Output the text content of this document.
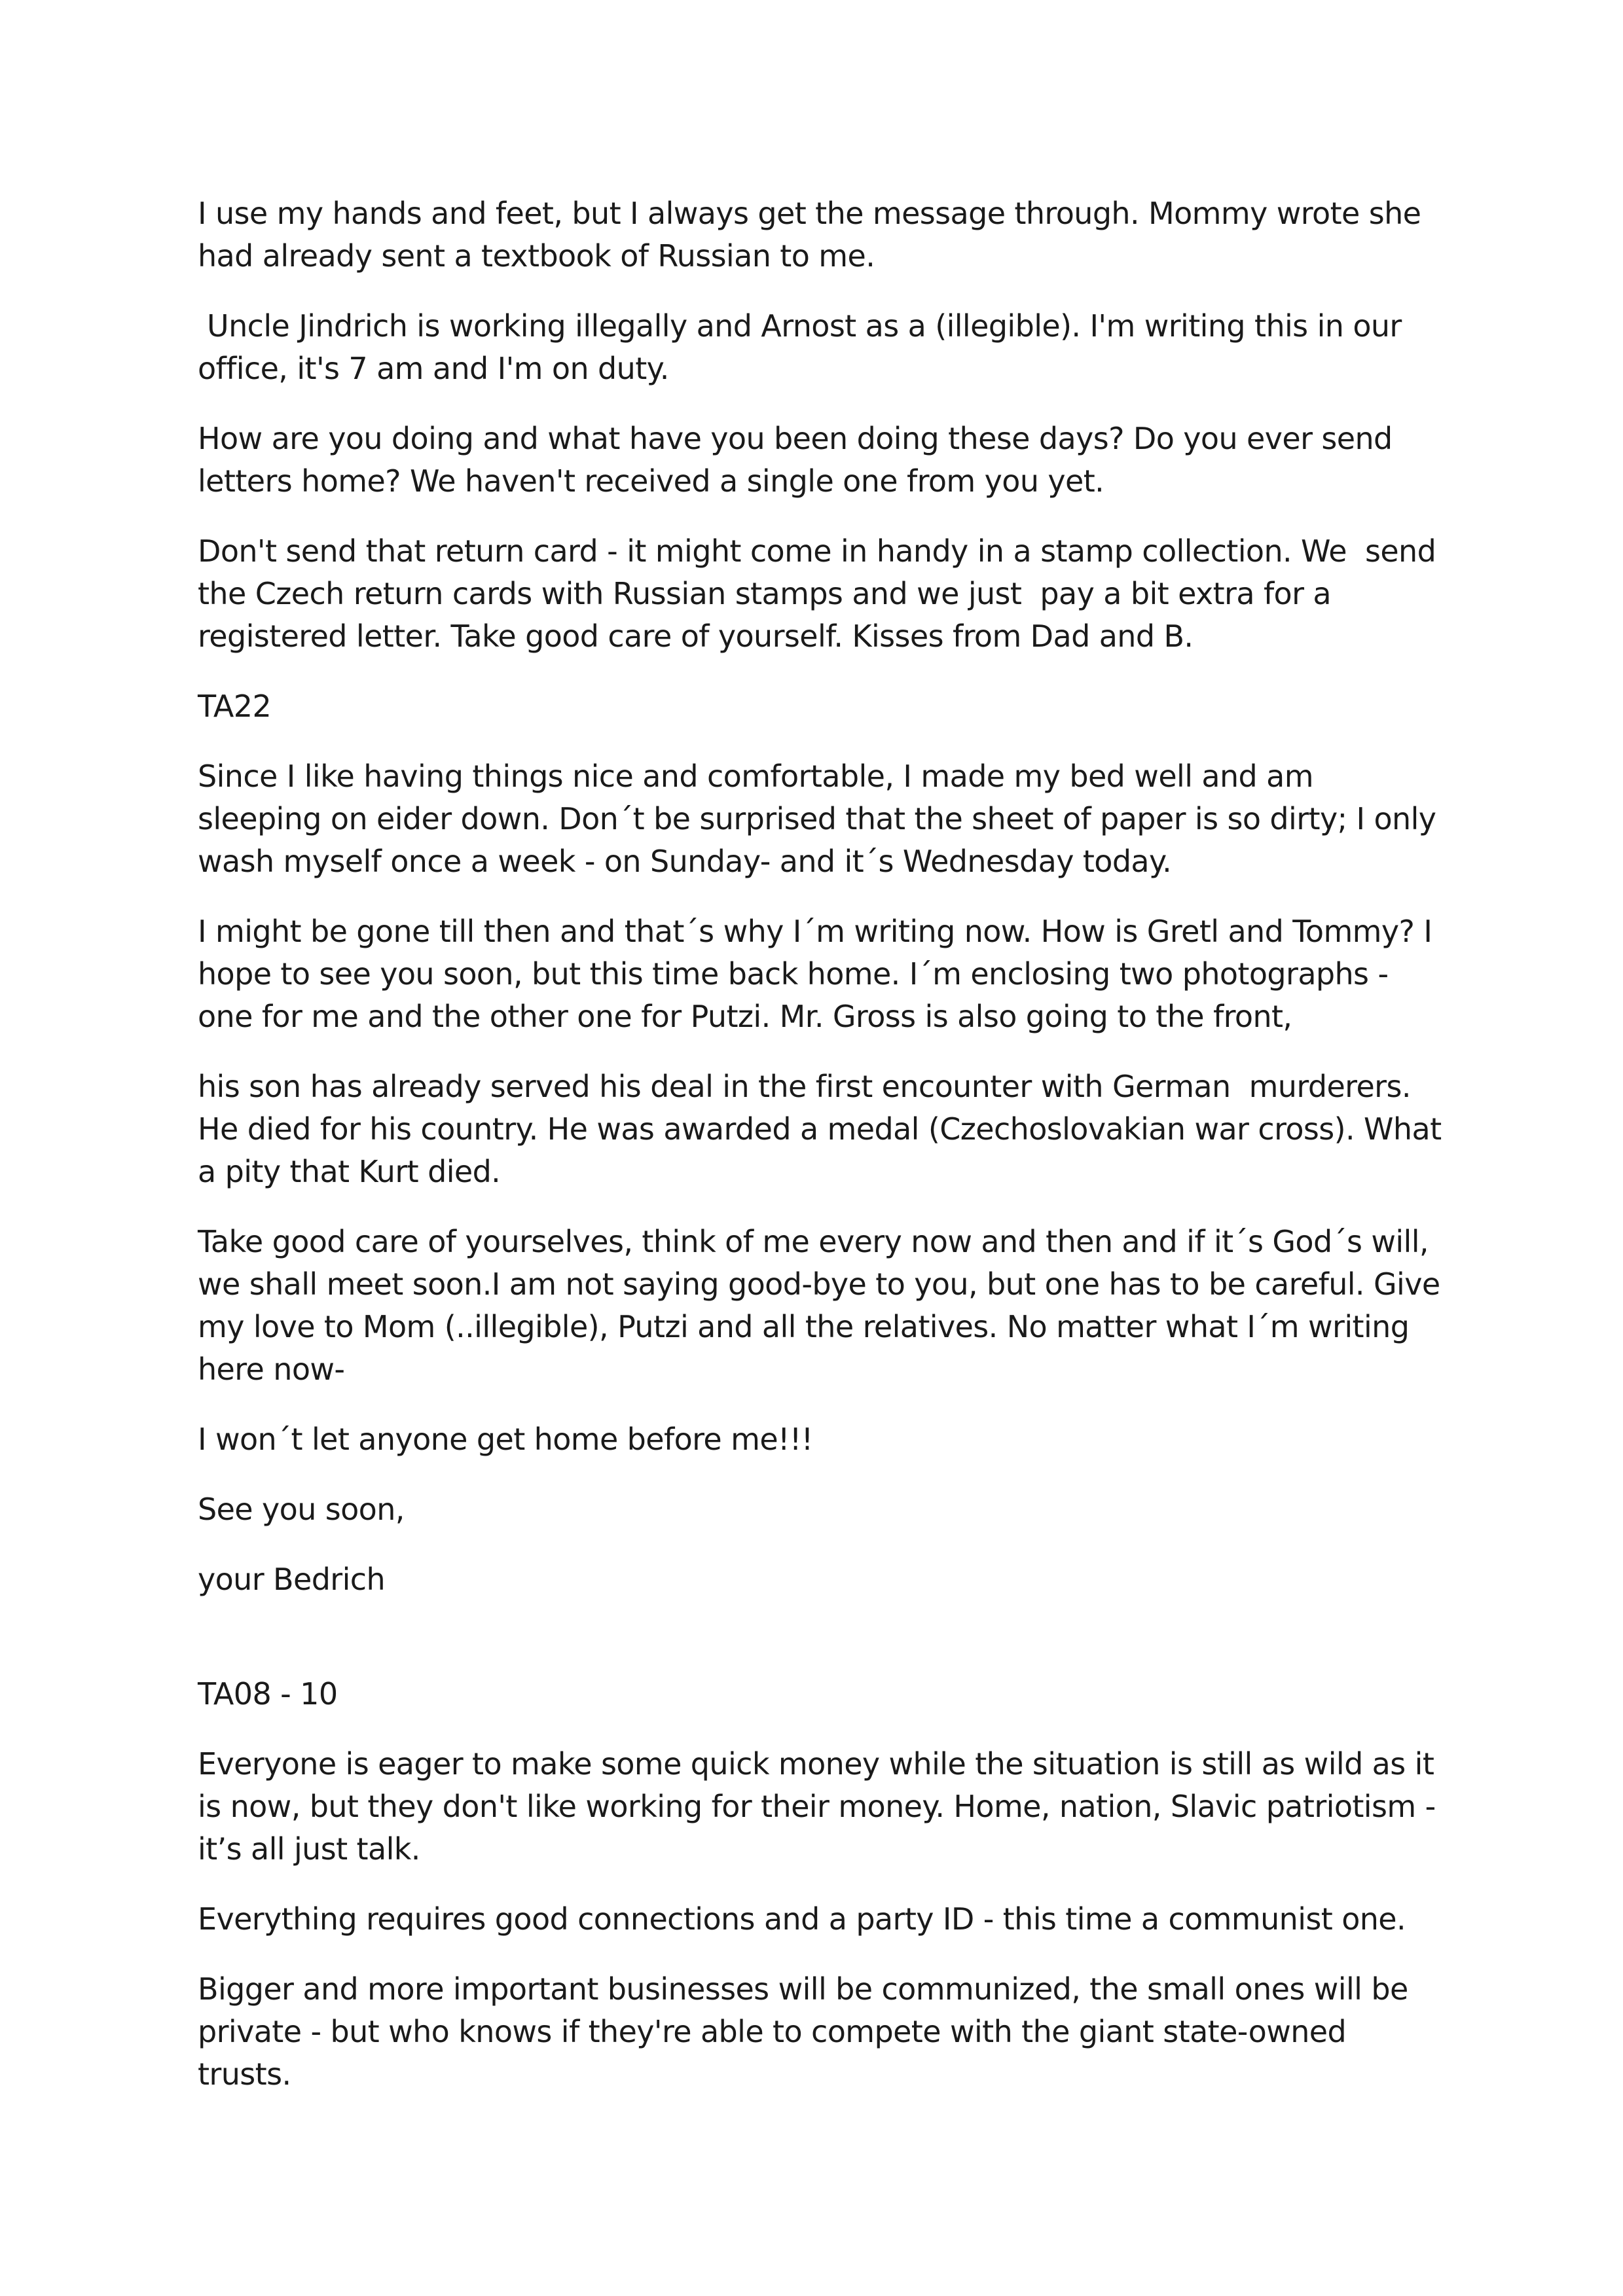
I use my hands and feet, but I always get the message through. Mommy wrote she had already sent a textbook of Russian to me.

Uncle Jindrich is working illegally and Arnost as a (illegible). I'm writing this in our office, it's 7 am and I'm on duty.

How are you doing and what have you been doing these days? Do you ever send letters home? We haven't received a single one from you yet.

Don't send that return card - it might come in handy in a stamp collection. We  send the Czech return cards with Russian stamps and we just  pay a bit extra for a registered letter. Take good care of yourself. Kisses from Dad and B.

TA22

Since I like having things nice and comfortable, I made my bed well and am sleeping on eider down. Don´t be surprised that the sheet of paper is so dirty; I only wash myself once a week - on Sunday- and it´s Wednesday today.

I might be gone till then and that´s why I´m writing now. How is Gretl and Tommy? I hope to see you soon, but this time back home. I´m enclosing two photographs - one for me and the other one for Putzi. Mr. Gross is also going to the front,

his son has already served his deal in the first encounter with German  murderers. He died for his country. He was awarded a medal (Czechoslovakian war cross). What a pity that Kurt died.

Take good care of yourselves, think of me every now and then and if it´s God´s will, we shall meet soon.I am not saying good-bye to you, but one has to be careful. Give my love to Mom (..illegible), Putzi and all the relatives. No matter what I´m writing here now-

I won´t let anyone get home before me!!!

See you soon,

your Bedrich

TA08 - 10

Everyone is eager to make some quick money while the situation is still as wild as it is now, but they don't like working for their money. Home, nation, Slavic patriotism - it’s all just talk.

Everything requires good connections and a party ID - this time a communist one.

Bigger and more important businesses will be communized, the small ones will be private - but who knows if they're able to compete with the giant state-owned trusts.
